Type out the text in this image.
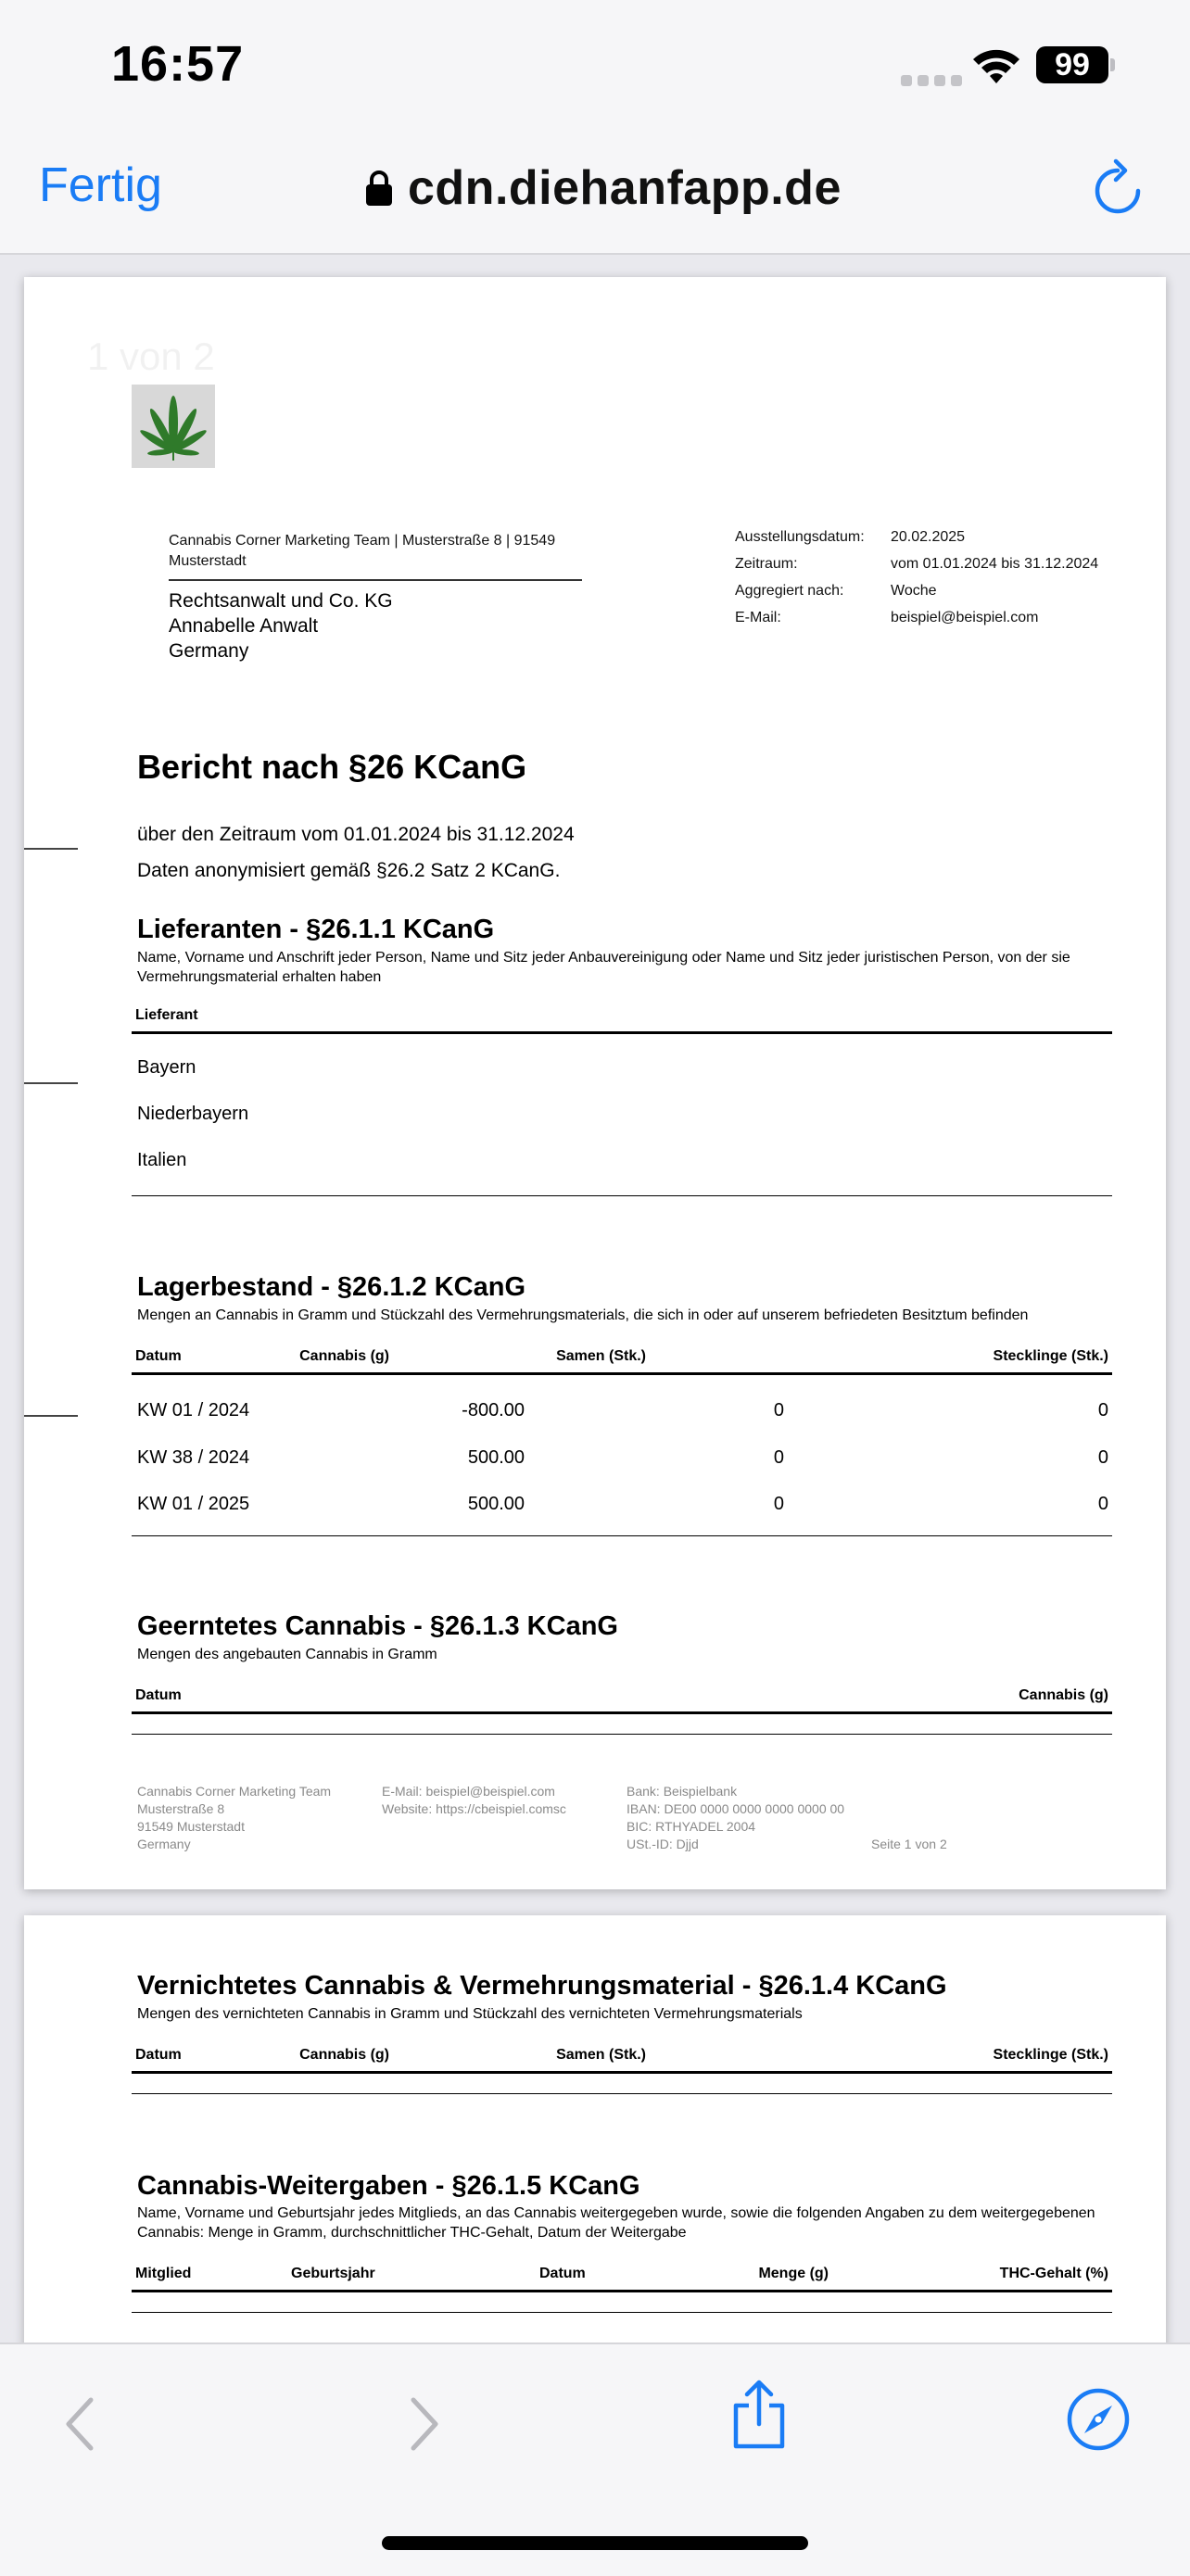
16:57	99
Fertig	cdn.diehanfapp.de
1 von 2
Cannabis Corner Marketing Team | Musterstraße 8 | 91549
Musterstadt
Rechtsanwalt und Co. KG
Annabelle Anwalt
Germany
Ausstellungsdatum:	20.02.2025
Zeitraum:	vom 01.01.2024 bis 31.12.2024
Aggregiert nach:	Woche
E-Mail:	beispiel@beispiel.com
Bericht nach §26 KCanG
über den Zeitraum vom 01.01.2024 bis 31.12.2024
Daten anonymisiert gemäß §26.2 Satz 2 KCanG.
Lieferanten - §26.1.1 KCanG
Name, Vorname und Anschrift jeder Person, Name und Sitz jeder Anbauvereinigung oder Name und Sitz jeder juristischen Person, von der sie Vermehrungsmaterial erhalten haben
Lieferant
Bayern
Niederbayern
Italien
Lagerbestand - §26.1.2 KCanG
Mengen an Cannabis in Gramm und Stückzahl des Vermehrungsmaterials, die sich in oder auf unserem befriedeten Besitztum befinden
Datum	Cannabis (g)	Samen (Stk.)	Stecklinge (Stk.)
KW 01 / 2024	-800.00	0	0
KW 38 / 2024	500.00	0	0
KW 01 / 2025	500.00	0	0
Geerntetes Cannabis - §26.1.3 KCanG
Mengen des angebauten Cannabis in Gramm
Datum	Cannabis (g)
Cannabis Corner Marketing Team
Musterstraße 8
91549 Musterstadt
Germany
E-Mail: beispiel@beispiel.com
Website: https://cbeispiel.comsc
Bank: Beispielbank
IBAN: DE00 0000 0000 0000 0000 00
BIC: RTHYADEL 2004
USt.-ID: Djjd	Seite 1 von 2
Vernichtetes Cannabis & Vermehrungsmaterial - §26.1.4 KCanG
Mengen des vernichteten Cannabis in Gramm und Stückzahl des vernichteten Vermehrungsmaterials
Datum	Cannabis (g)	Samen (Stk.)	Stecklinge (Stk.)
Cannabis-Weitergaben - §26.1.5 KCanG
Name, Vorname und Geburtsjahr jedes Mitglieds, an das Cannabis weitergegeben wurde, sowie die folgenden Angaben zu dem weitergegebenen Cannabis: Menge in Gramm, durchschnittlicher THC-Gehalt, Datum der Weitergabe
Mitglied	Geburtsjahr	Datum	Menge (g)	THC-Gehalt (%)
